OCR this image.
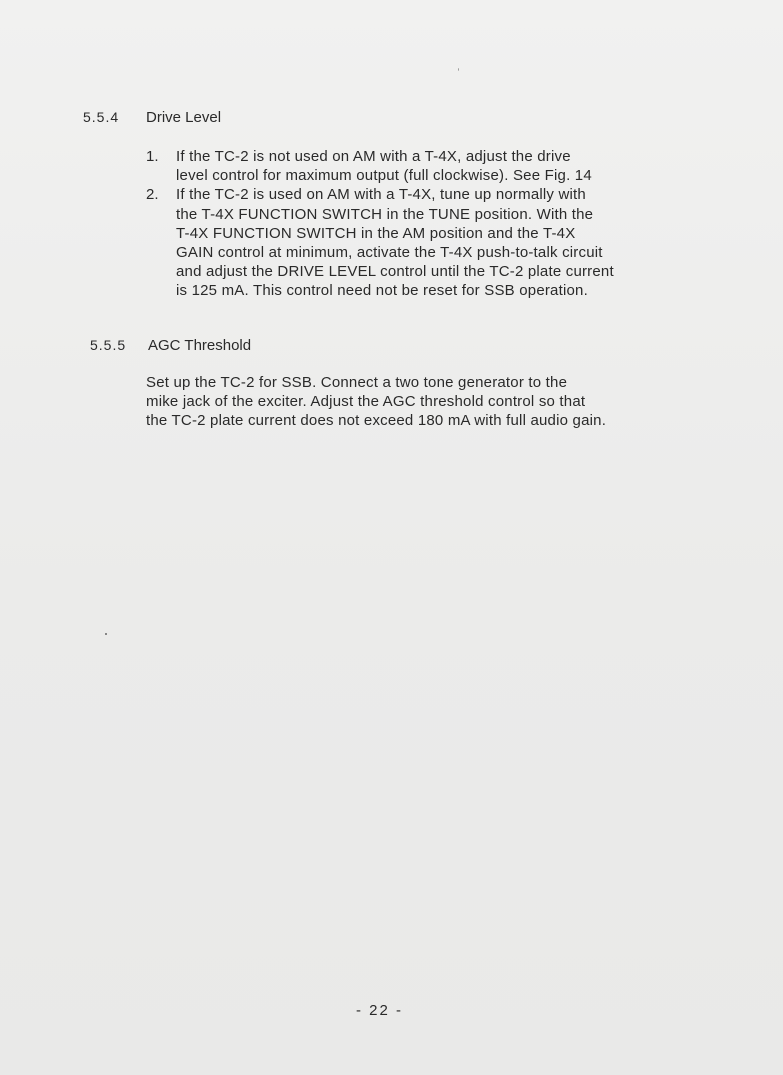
5.5.4 Drive Level
1. If the TC-2 is not used on AM with a T-4X, adjust the drive
level control for maximum output (full clockwise). See Fig. 14
2. If the TC-2 is used on AM with a T-4X, tune up normally with
the T-4X FUNCTION SWITCH in the TUNE position. With the
T-4X FUNCTION SWITCH in the AM position and the T-4X
GAIN control at minimum, activate the T-4X push-to-talk circuit
and adjust the DRIVE LEVEL control until the TC-2 plate current
is 125 mA. This control need not be reset for SSB operation.
5.5.5 AGC Threshold
Set up the TC-2 for SSB. Connect a two tone generator to the
mike jack of the exciter. Adjust the AGC threshold control so that
the TC-2 plate current does not exceed 180 mA with full audio gain.
- 22 -
